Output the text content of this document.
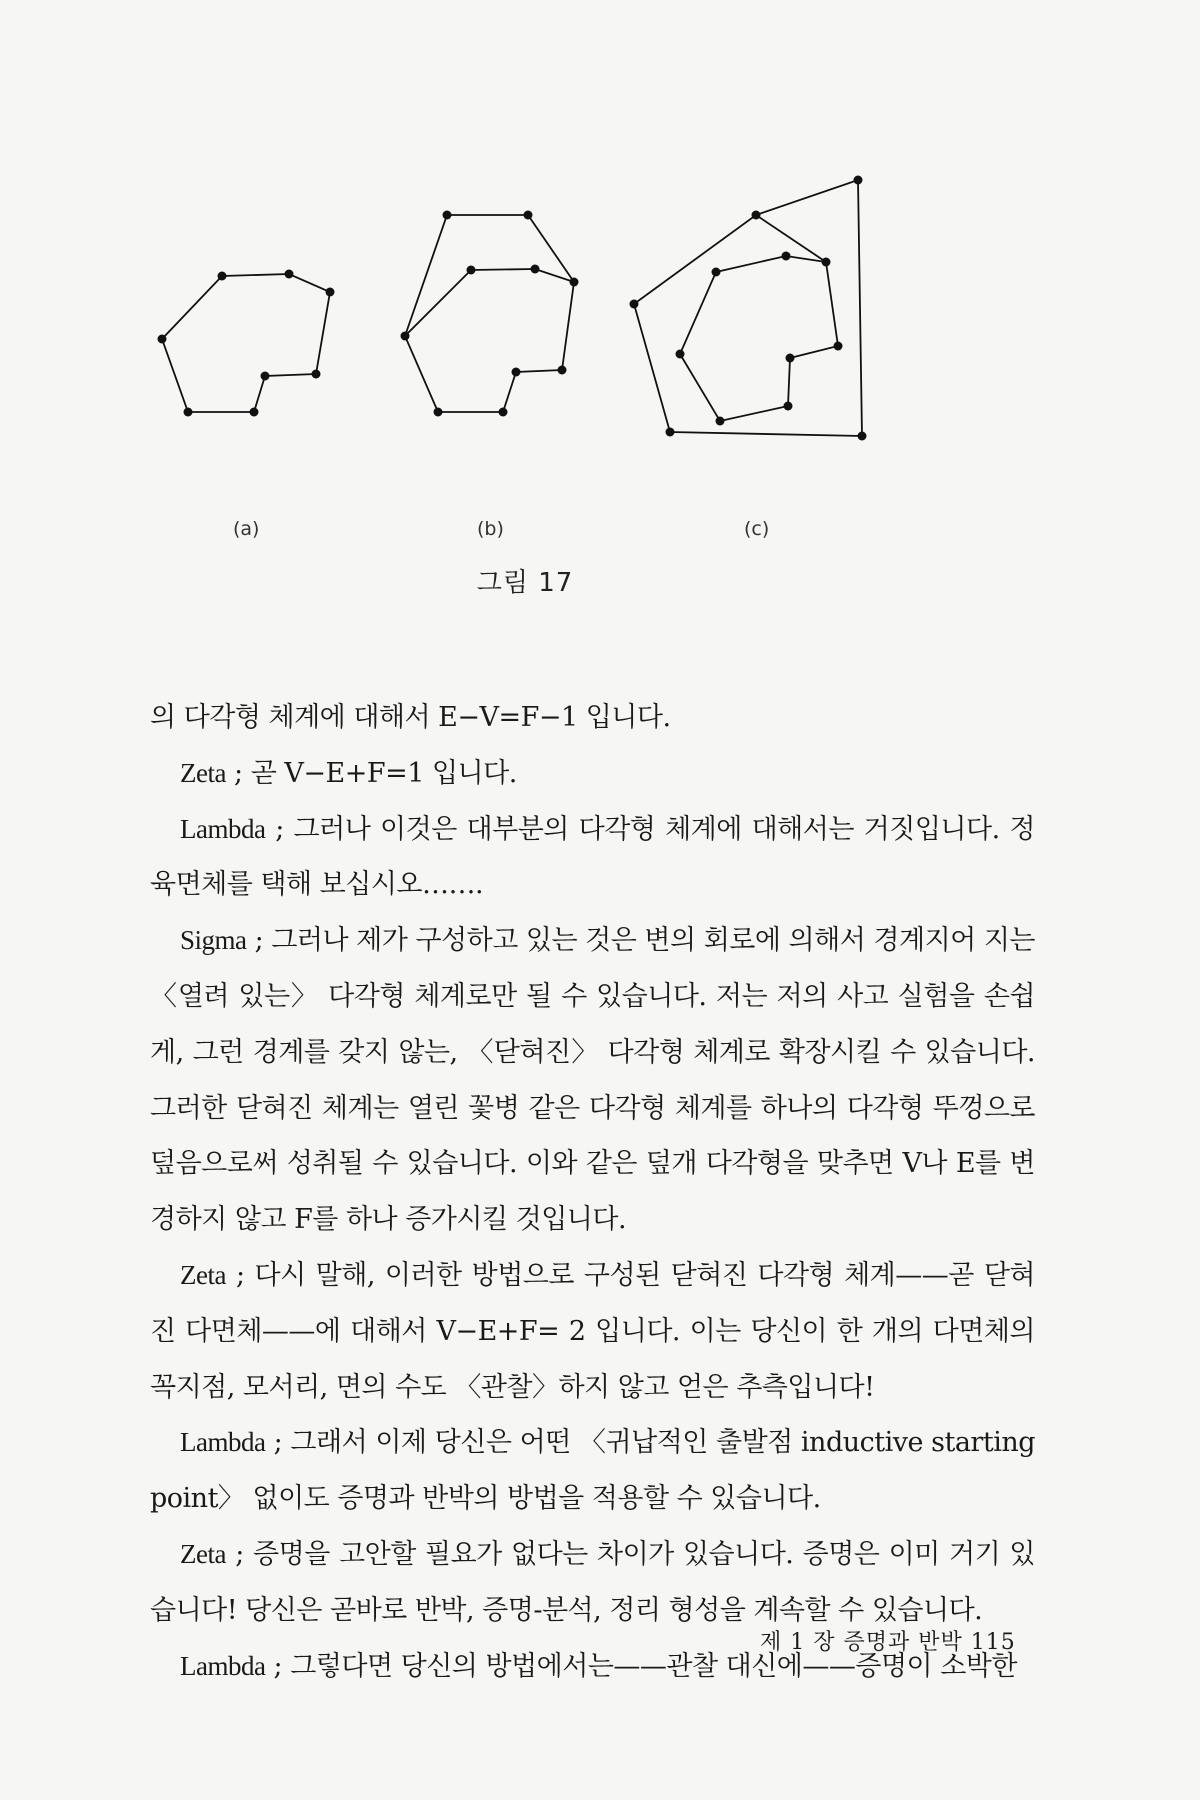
(a)	(b)	(c)
그림 17

의 다각형 체계에 대해서 E−V=F−1 입니다.

Zeta ; 곧 V−E+F=1 입니다.

Lambda ; 그러나 이것은 대부분의 다각형 체계에 대해서는 거짓입니다. 정육면체를 택해 보십시오…….

Sigma ; 그러나 제가 구성하고 있는 것은 변의 회로에 의해서 경계지어 지는 〈열려 있는〉 다각형 체계로만 될 수 있습니다. 저는 저의 사고 실험을 손쉽게, 그런 경계를 갖지 않는, 〈닫혀진〉 다각형 체계로 확장시킬 수 있습니다. 그러한 닫혀진 체계는 열린 꽃병 같은 다각형 체계를 하나의 다각형 뚜껑으로 덮음으로써 성취될 수 있습니다. 이와 같은 덮개 다각형을 맞추면 V나 E를 변경하지 않고 F를 하나 증가시킬 것입니다.

Zeta ; 다시 말해, 이러한 방법으로 구성된 닫혀진 다각형 체계——곧 닫혀진 다면체——에 대해서 V−E+F= 2 입니다. 이는 당신이 한 개의 다면체의 꼭지점, 모서리, 면의 수도 〈관찰〉하지 않고 얻은 추측입니다!

Lambda ; 그래서 이제 당신은 어떤 〈귀납적인 출발점 inductive starting point〉 없이도 증명과 반박의 방법을 적용할 수 있습니다.

Zeta ; 증명을 고안할 필요가 없다는 차이가 있습니다. 증명은 이미 거기 있습니다! 당신은 곧바로 반박, 증명-분석, 정리 형성을 계속할 수 있습니다.

Lambda ; 그렇다면 당신의 방법에서는——관찰 대신에——증명이 소박한

제 1 장 증명과 반박 115
